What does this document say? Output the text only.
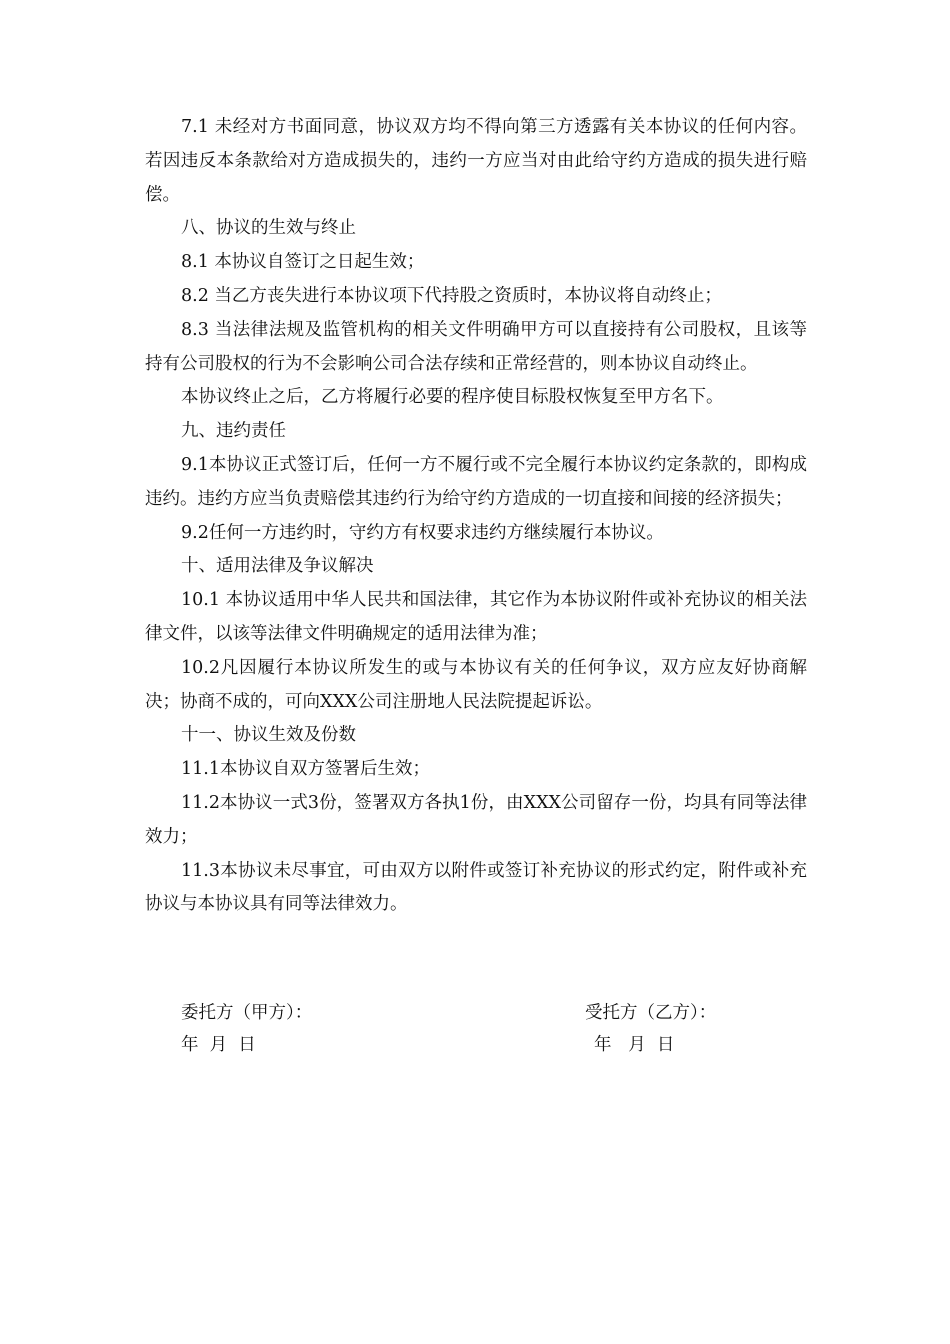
7.1 未经对方书面同意，协议双方均不得向第三方透露有关本协议的任何内容。若因违反本条款给对方造成损失的，违约一方应当对由此给守约方造成的损失进行赔偿。

八、协议的生效与终止

8.1 本协议自签订之日起生效；

8.2 当乙方丧失进行本协议项下代持股之资质时，本协议将自动终止；

8.3 当法律法规及监管机构的相关文件明确甲方可以直接持有公司股权，且该等持有公司股权的行为不会影响公司合法存续和正常经营的，则本协议自动终止。

本协议终止之后，乙方将履行必要的程序使目标股权恢复至甲方名下。

九、违约责任

9.1本协议正式签订后，任何一方不履行或不完全履行本协议约定条款的，即构成违约。违约方应当负责赔偿其违约行为给守约方造成的一切直接和间接的经济损失；

9.2任何一方违约时，守约方有权要求违约方继续履行本协议。

十、适用法律及争议解决

10.1 本协议适用中华人民共和国法律，其它作为本协议附件或补充协议的相关法律文件，以该等法律文件明确规定的适用法律为准；

10.2凡因履行本协议所发生的或与本协议有关的任何争议，双方应友好协商解决；协商不成的，可向XXX公司注册地人民法院提起诉讼。

十一、协议生效及份数

11.1本协议自双方签署后生效；

11.2本协议一式3份，签署双方各执1份，由XXX公司留存一份，均具有同等法律效力；

11.3本协议未尽事宜，可由双方以附件或签订补充协议的形式约定，附件或补充协议与本协议具有同等法律效力。

委托方（甲方）：	受托方（乙方）：
年  月  日	年   月  日
